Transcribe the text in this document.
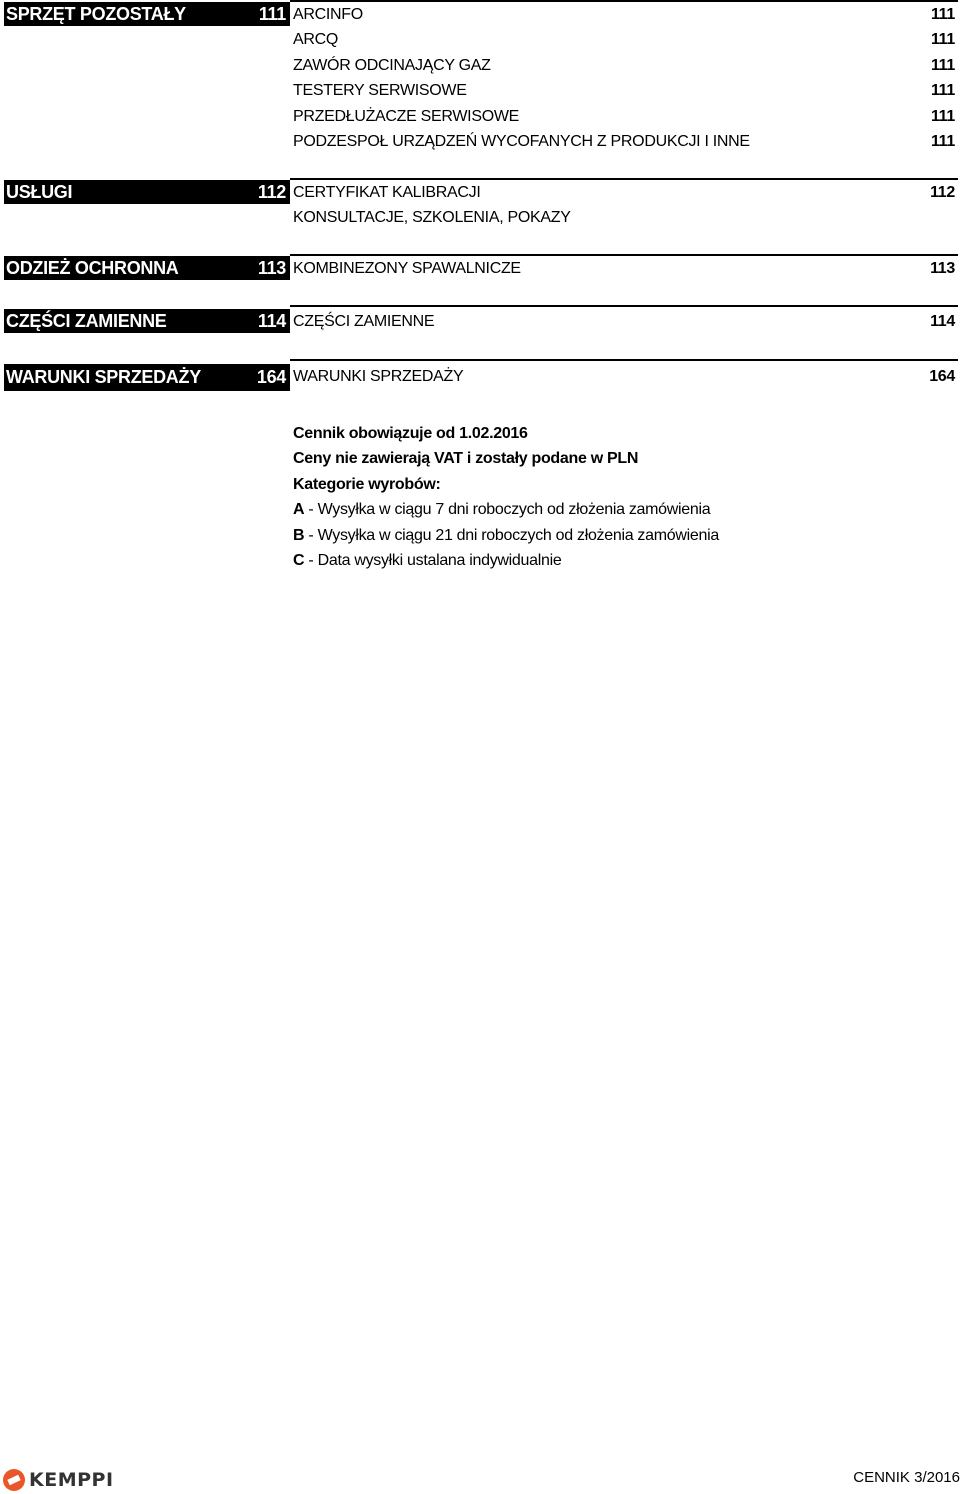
SPRZĘT POZOSTAŁY	111 ARCINFO	111
ARCQ	111
ZAWÓR ODCINAJĄCY GAZ	111
TESTERY SERWISOWE	111
PRZEDŁUŻACZE SERWISOWE	111
PODZESPOŁ URZĄDZEŃ WYCOFANYCH Z PRODUKCJI I INNE	111
USŁUGI	112 CERTYFIKAT KALIBRACJI	112
KONSULTACJE, SZKOLENIA, POKAZY
ODZIEŻ OCHRONNA	113 KOMBINEZONY SPAWALNICZE	113
CZĘŚCI ZAMIENNE	114 CZĘŚCI ZAMIENNE	114
WARUNKI SPRZEDAŻY	164 WARUNKI SPRZEDAŻY	164
Cennik obowiązuje od 1.02.2016
Ceny nie zawierają VAT i zostały podane w PLN
Kategorie wyrobów:
A - Wysyłka w ciągu 7 dni roboczych od złożenia zamówienia
B - Wysyłka w ciągu 21 dni roboczych od złożenia zamówienia
C - Data wysyłki ustalana indywidualnie
KEMPPI	CENNIK 3/2016
